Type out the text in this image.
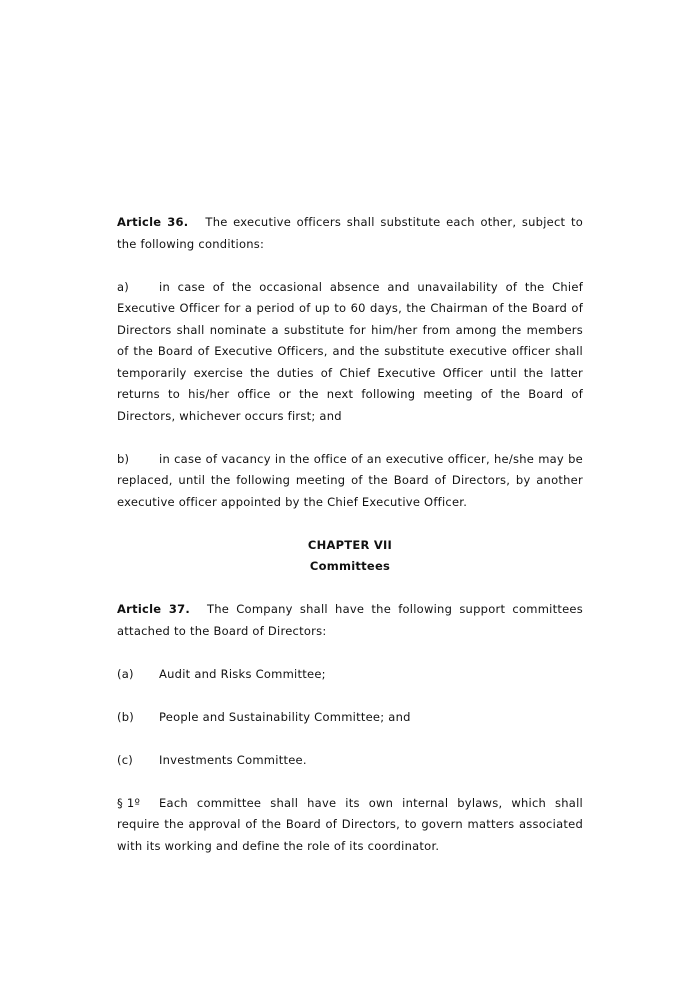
Article 36. The executive officers shall substitute each other, subject to the following conditions:

a)	in case of the occasional absence and unavailability of the Chief Executive Officer for a period of up to 60 days, the Chairman of the Board of Directors shall nominate a substitute for him/her from among the members of the Board of Executive Officers, and the substitute executive officer shall temporarily exercise the duties of Chief Executive Officer until the latter returns to his/her office or the next following meeting of the Board of Directors, whichever occurs first; and

b)	in case of vacancy in the office of an executive officer, he/she may be replaced, until the following meeting of the Board of Directors, by another executive officer appointed by the Chief Executive Officer.

CHAPTER VII

Committees

Article 37. The Company shall have the following support committees attached to the Board of Directors:

(a) Audit and Risks Committee;

(b) People and Sustainability Committee; and

(c) Investments Committee.

§ 1º Each committee shall have its own internal bylaws, which shall require the approval of the Board of Directors, to govern matters associated with its working and define the role of its coordinator.
